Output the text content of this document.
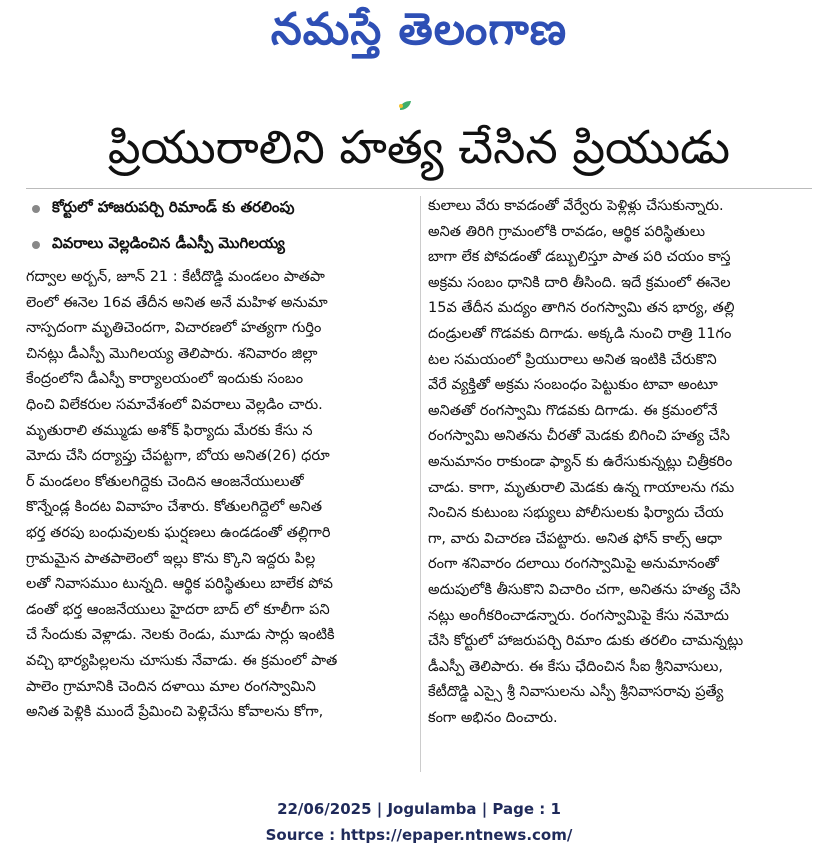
నమస్తే తెలంగాణ
ప్రియురాలిని హత్య చేసిన ప్రియుడు
కోర్టులో హాజరుపర్చి రిమాండ్ కు తరలింపు
వివరాలు వెల్లడించిన డీఎస్పీ మొగిలయ్య
గద్వాల అర్బన్, జూన్ 21 : కేటీదొడ్డి మండలం పాతపా
లెంలో ఈనెల 16వ తేదీన అనిత అనే మహిళ అనుమా
నాస్పదంగా మృతిచెందగా, విచారణలో హత్యగా గుర్తిం
చినట్లు డీఎస్పీ మొగిలయ్య తెలిపారు. శనివారం జిల్లా
కేంద్రంలోని డీఎస్పీ కార్యాలయంలో ఇందుకు సంబం
ధించి విలేకరుల సమావేశంలో వివరాలు వెల్లడిం చారు.
మృతురాలి తమ్ముడు అశోక్ ఫిర్యాదు మేరకు కేసు న
మోదు చేసి దర్యాప్తు చేపట్టగా, బోయ అనిత(26) ధరూ
ర్ మండలం కోతులగిద్దెకు చెందిన ఆంజనేయులుతో
కొన్నేండ్ల కిందట వివాహం చేశారు. కోతులగిద్దెలో అనిత
భర్త తరపు బంధువులకు ఘర్షణలు ఉండడంతో తల్లిగారి
గ్రామమైన పాతపాలెంలో ఇల్లు కొను క్కొని ఇద్దరు పిల్ల
లతో నివాసముం టున్నది. ఆర్థిక పరిస్థితులు బాలేక పోవ
డంతో భర్త ఆంజనేయులు హైదరా బాద్ లో కూలీగా పని
చే సేందుకు వెళ్లాడు. నెలకు రెండు, మూడు సార్లు ఇంటికి
వచ్చి భార్యపిల్లలను చూసుకు నేవాడు. ఈ క్రమంలో పాత
పాలెం గ్రామానికి చెందిన దళాయి మాల రంగస్వామిని
అనిత పెళ్లికి ముందే ప్రేమించి పెళ్లిచేసు కోవాలను కోగా,
కులాలు వేరు కావడంతో వేర్వేరు పెళ్లిళ్లు చేసుకున్నారు.
అనిత తిరిగి గ్రామంలోకి రావడం, ఆర్థిక పరిస్థితులు
బాగా లేక పోవడంతో డబ్బులిస్తూ పాత పరి చయం కాస్త
అక్రమ సంబం ధానికి దారి తీసింది. ఇదే క్రమంలో ఈనెల
15వ తేదీన మద్యం తాగిన రంగస్వామి తన భార్య, తల్లి
దండ్రులతో గొడవకు దిగాడు. అక్కడి నుంచి రాత్రి 11గం
టల సమయంలో ప్రియురాలు అనిత ఇంటికి చేరుకొని
వేరే వ్యక్తితో అక్రమ సంబంధం పెట్టుకుం టావా అంటూ
అనితతో రంగస్వామి గొడవకు దిగాడు. ఈ క్రమంలోనే
రంగస్వామి అనితను చీరతో మెడకు బిగించి హత్య చేసి
అనుమానం రాకుండా ఫ్యాన్ కు ఉరేసుకున్నట్లు చిత్రీకరిం
చాడు. కాగా, మృతురాలి మెడకు ఉన్న గాయాలను గమ
నించిన కుటుంబ సభ్యులు పోలీసులకు ఫిర్యాదు చేయ
గా, వారు విచారణ చేపట్టారు. అనిత ఫోన్ కాల్స్ ఆధా
రంగా శనివారం దలాయి రంగస్వామిపై అనుమానంతో
అదుపులోకి తీసుకొని విచారిం చగా, అనితను హత్య చేసి
నట్లు అంగీకరించాడన్నారు. రంగస్వామిపై కేసు నమోదు
చేసి కోర్టులో హాజరుపర్చి రిమాం డుకు తరలిం చామన్నట్లు
డీఎస్పీ తెలిపారు. ఈ కేసు ఛేదించిన సీఐ శ్రీనివాసులు,
కేటీదొడ్డి ఎస్సై శ్రీ నివాసులను ఎస్పీ శ్రీనివాసరావు ప్రత్యే
కంగా అభినం దించారు.
22/06/2025 | Jogulamba | Page : 1
Source : https://epaper.ntnews.com/
